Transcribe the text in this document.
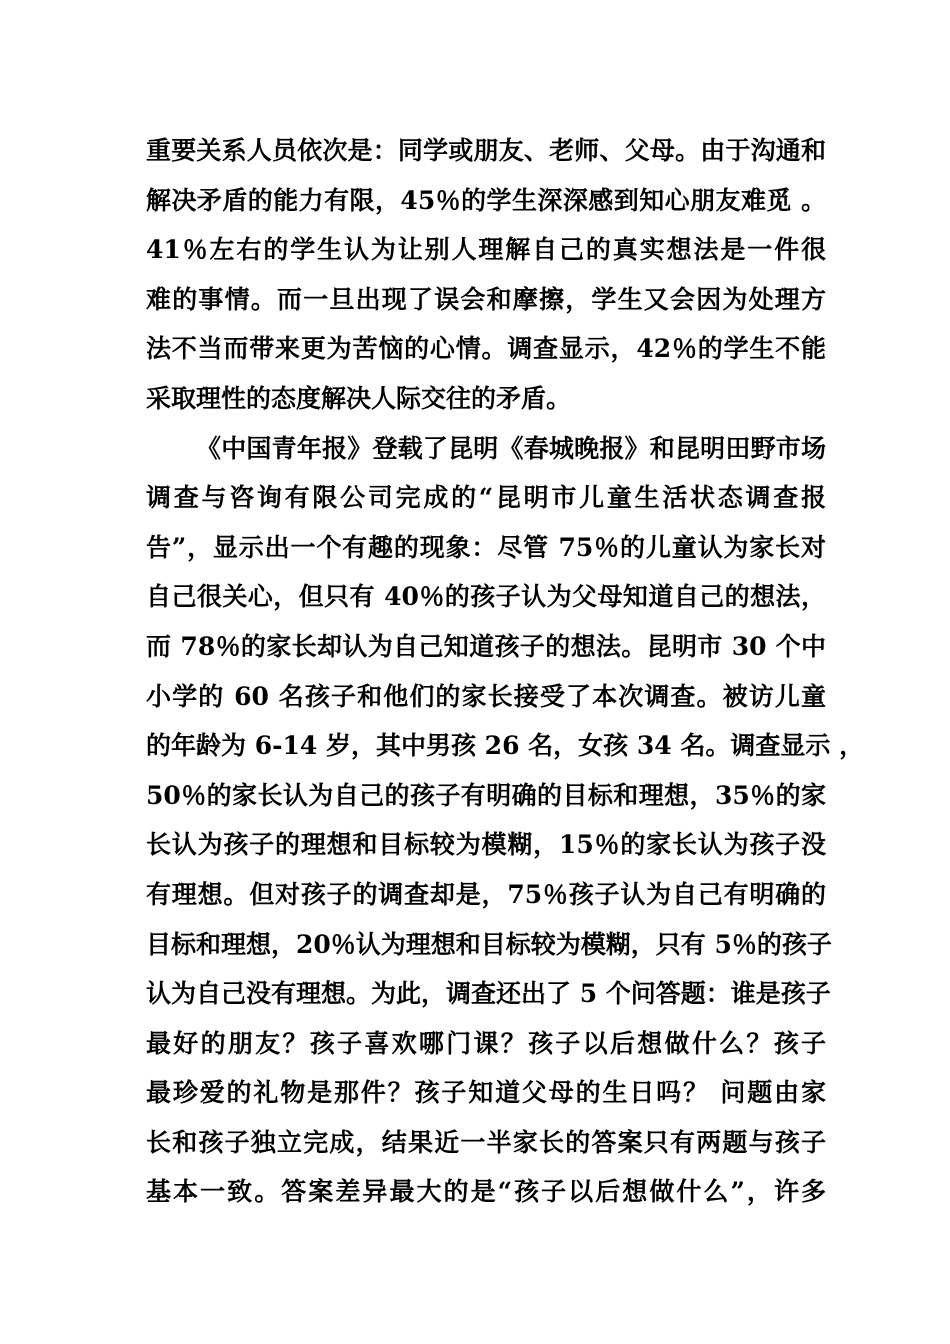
重要关系人员依次是：同学或朋友、老师、父母。由于沟通和
解决矛盾的能力有限，45％的学生深深感到知心朋友难觅 。
41％左右的学生认为让别人理解自己的真实想法是一件很
难的事情。而一旦出现了误会和摩擦，学生又会因为处理方
法不当而带来更为苦恼的心情。调查显示，42％的学生不能
采取理性的态度解决人际交往的矛盾。
《中国青年报》登载了昆明《春城晚报》和昆明田野市场
调查与咨询有限公司完成的“昆明市儿童生活状态调查报
告”，显示出一个有趣的现象：尽管 75％的儿童认为家长对
自己很关心，但只有 40％的孩子认为父母知道自己的想法，
而 78％的家长却认为自己知道孩子的想法。昆明市 30 个中
小学的 60 名孩子和他们的家长接受了本次调查。被访儿童
的年龄为 6-14 岁，其中男孩 26 名，女孩 34 名。调查显示 ，
50％的家长认为自己的孩子有明确的目标和理想，35％的家
长认为孩子的理想和目标较为模糊，15％的家长认为孩子没
有理想。但对孩子的调查却是，75％孩子认为自己有明确的
目标和理想，20％认为理想和目标较为模糊，只有 5％的孩子
认为自己没有理想。为此，调查还出了 5 个问答题：谁是孩子
最好的朋友？孩子喜欢哪门课？孩子以后想做什么？孩子
最珍爱的礼物是那件？孩子知道父母的生日吗？ 问题由家
长和孩子独立完成，结果近一半家长的答案只有两题与孩子
基本一致。答案差异最大的是“孩子以后想做什么”，许多
